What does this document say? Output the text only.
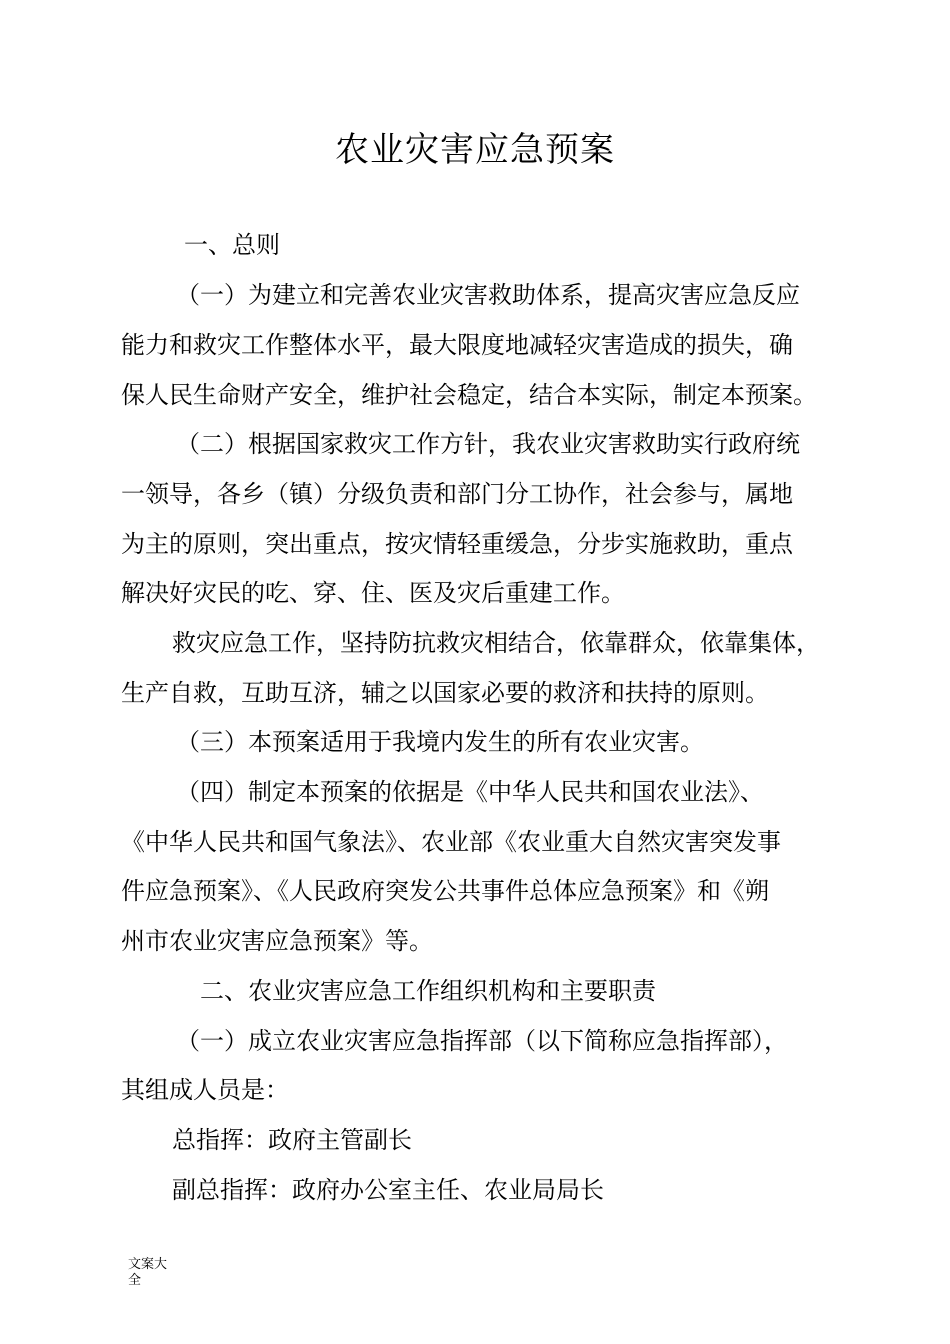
农业灾害应急预案
一、总则
（一）为建立和完善农业灾害救助体系，提高灾害应急反应
能力和救灾工作整体水平，最大限度地减轻灾害造成的损失，确
保人民生命财产安全，维护社会稳定，结合本实际，制定本预案。
（二）根据国家救灾工作方针，我农业灾害救助实行政府统
一领导，各乡（镇）分级负责和部门分工协作，社会参与，属地
为主的原则，突出重点，按灾情轻重缓急，分步实施救助，重点
解决好灾民的吃、穿、住、医及灾后重建工作。
救灾应急工作，坚持防抗救灾相结合，依靠群众，依靠集体，
生产自救，互助互济，辅之以国家必要的救济和扶持的原则。
（三）本预案适用于我境内发生的所有农业灾害。
（四）制定本预案的依据是《中华人民共和国农业法》、
《中华人民共和国气象法》、农业部《农业重大自然灾害突发事
件应急预案》、《人民政府突发公共事件总体应急预案》和《朔
州市农业灾害应急预案》等。
二、农业灾害应急工作组织机构和主要职责
（一）成立农业灾害应急指挥部（以下简称应急指挥部），
其组成人员是：
总指挥：政府主管副长
副总指挥：政府办公室主任、农业局局长
文案大全
